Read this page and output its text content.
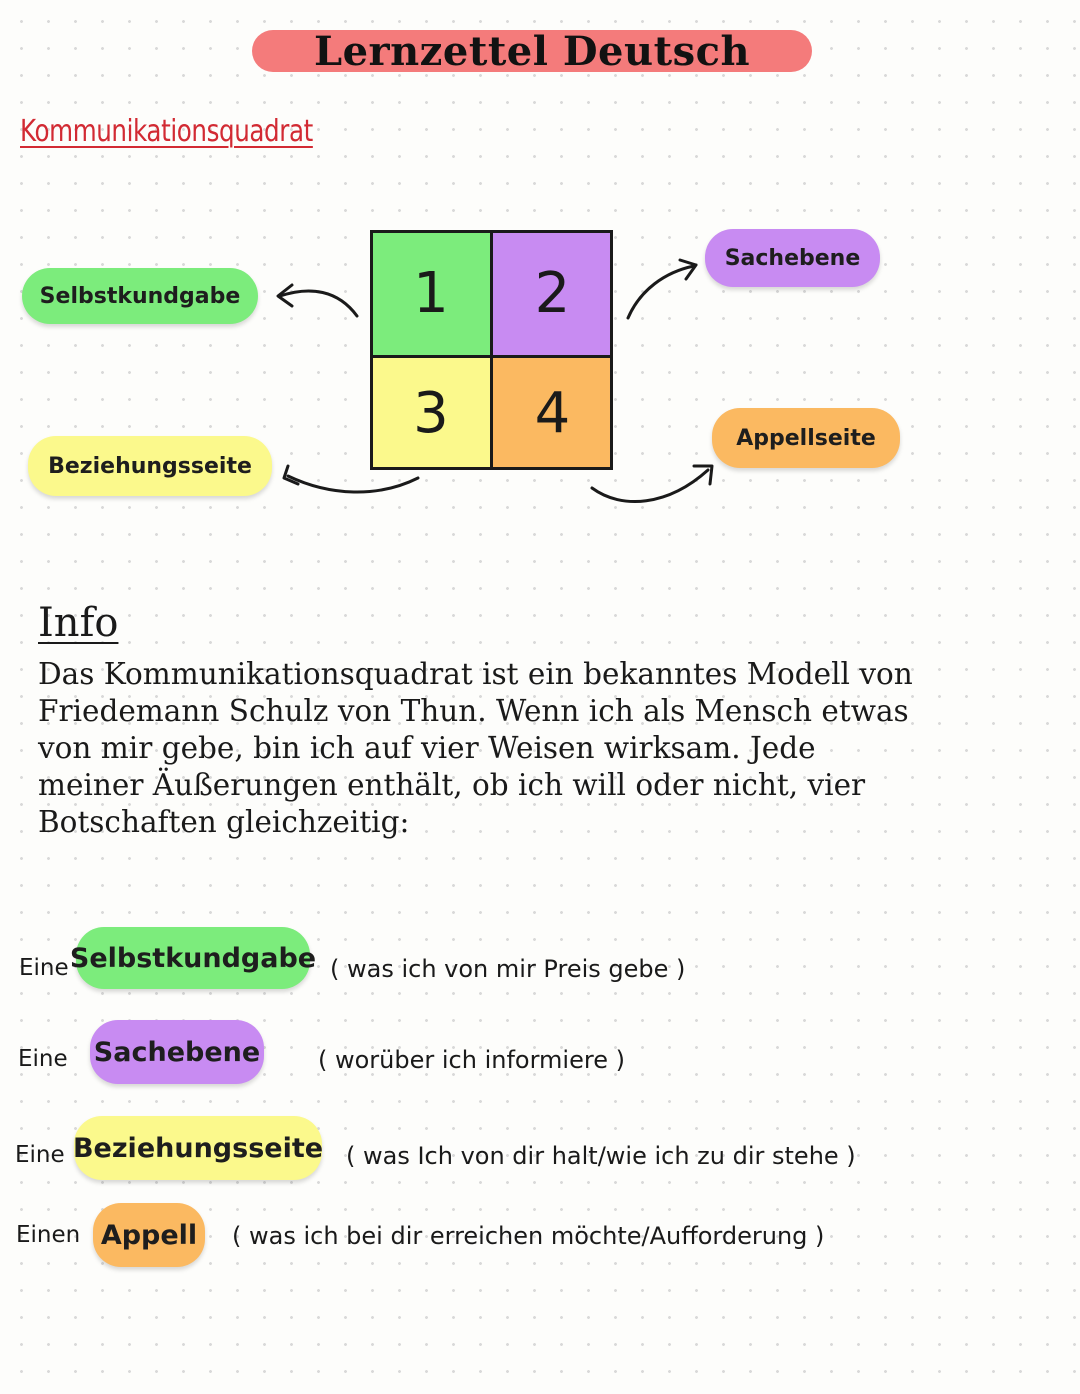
Lernzettel Deutsch
Kommunikationsquadrat
1	2
3	4
Selbstkundgabe
Sachebene
Beziehungsseite
Appellseite
Info
Das Kommunikationsquadrat ist ein bekanntes Modell von
Friedemann Schulz von Thun. Wenn ich als Mensch etwas
von mir gebe, bin ich auf vier Weisen wirksam. Jede
meiner Äußerungen enthält, ob ich will oder nicht, vier
Botschaften gleichzeitig:
Eine Selbstkundgabe ( was ich von mir Preis gebe )
Eine Sachebene ( worüber ich informiere )
Eine Beziehungsseite ( was Ich von dir halt/wie ich zu dir stehe )
Einen Appell	( was ich bei dir erreichen möchte/Aufforderung )
